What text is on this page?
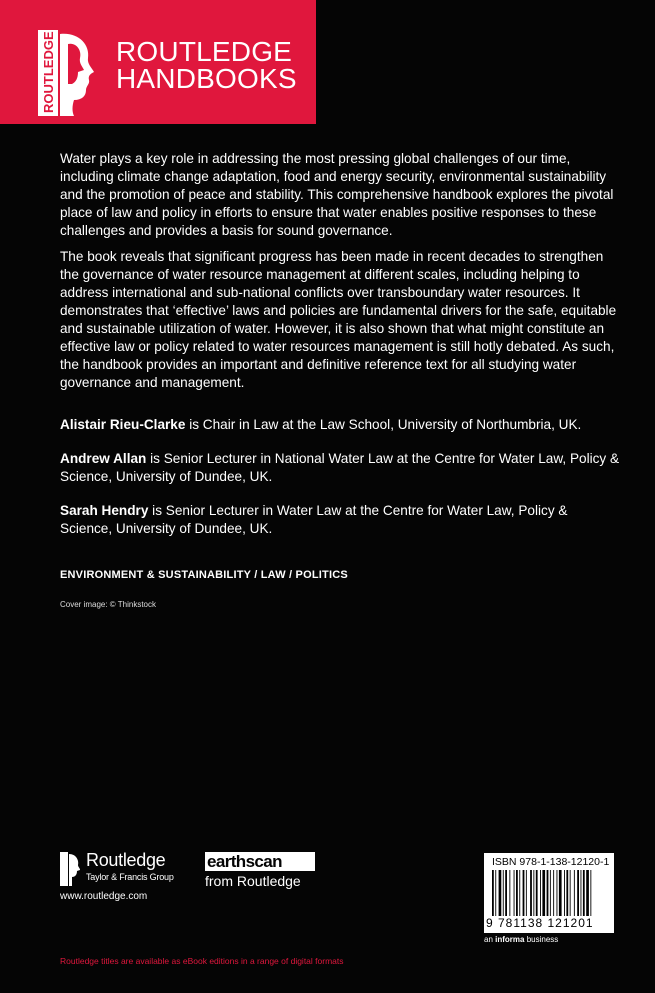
ROUTLEDGE ROUTLEDGE
HANDBOOKS

Water plays a key role in addressing the most pressing global challenges of our time, including climate change adaptation, food and energy security, environmental sustainability and the promotion of peace and stability. This comprehensive handbook explores the pivotal place of law and policy in efforts to ensure that water enables positive responses to these challenges and provides a basis for sound governance.

The book reveals that significant progress has been made in recent decades to strengthen the governance of water resource management at different scales, including helping to address international and sub-national conflicts over transboundary water resources. It demonstrates that ‘effective’ laws and policies are fundamental drivers for the safe, equitable and sustainable utilization of water. However, it is also shown that what might constitute an effective law or policy related to water resources management is still hotly debated. As such, the handbook provides an important and definitive reference text for all studying water governance and management.

Alistair Rieu-Clarke is Chair in Law at the Law School, University of Northumbria, UK.
Andrew Allan is Senior Lecturer in National Water Law at the Centre for Water Law, Policy & Science, University of Dundee, UK.
Sarah Hendry is Senior Lecturer in Water Law at the Centre for Water Law, Policy & Science, University of Dundee, UK.
ENVIRONMENT & SUSTAINABILITY / LAW / POLITICS
Cover image: © Thinkstock
Routledge
Taylor & Francis Group
www.routledge.com
earthscan
from Routledge
ISBN 978-1-138-12120-1
9 781138 121201
an informa business
Routledge titles are available as eBook editions in a range of digital formats
